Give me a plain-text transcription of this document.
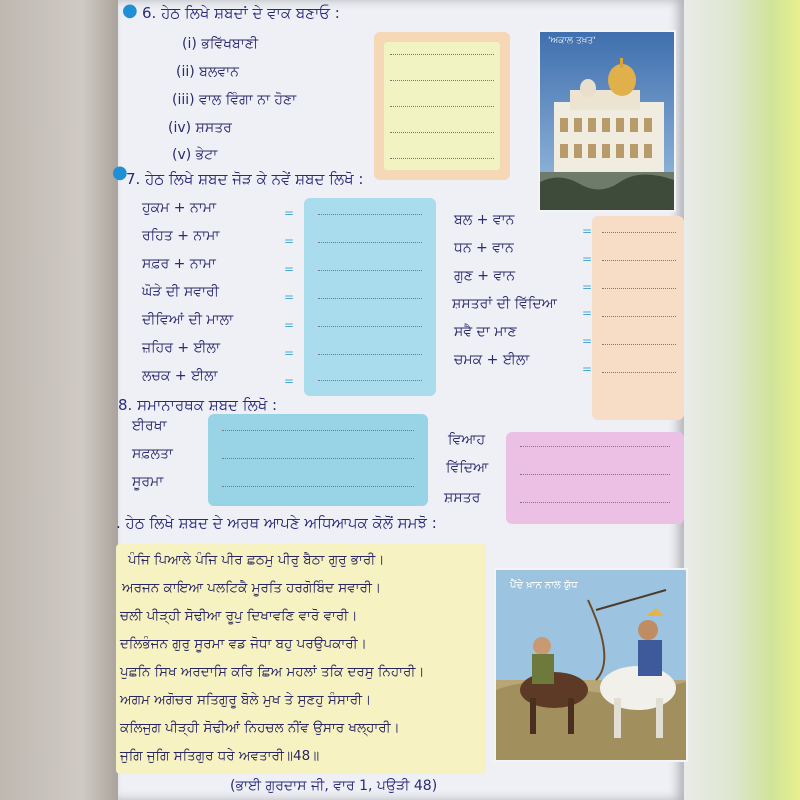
● 6. ਹੇਠ ਲਿਖੇ ਸ਼ਬਦਾਂ ਦੇ ਵਾਕ ਬਣਾਓ :
(i) ਭਵਿੱਖਬਾਣੀ
(ii) ਬਲਵਾਨ
(iii) ਵਾਲ ਵਿੰਗਾ ਨਾ ਹੋਣਾ
(iv) ਸ਼ਸਤਰ
(v) ਭੇਟਾ
'ਅਕਾਲ ਤਖ਼ਤ'
●
7. ਹੇਠ ਲਿਖੇ ਸ਼ਬਦ ਜੋੜ ਕੇ ਨਵੇਂ ਸ਼ਬਦ ਲਿਖੋ :
ਹੁਕਮ + ਨਾਮਾ
ਰਹਿਤ + ਨਾਮਾ
ਸਫ਼ਰ + ਨਾਮਾ
ਘੋੜੇ ਦੀ ਸਵਾਰੀ
ਦੀਵਿਆਂ ਦੀ ਮਾਲਾ
ਜ਼ਹਿਰ + ਈਲਾ
ਲਚਕ + ਈਲਾ
=
=
=
=
=
=
=
ਬਲ + ਵਾਨ
ਧਨ + ਵਾਨ
ਗੁਣ + ਵਾਨ
ਸ਼ਸਤਰਾਂ ਦੀ ਵਿੱਦਿਆ
ਸਵੈ ਦਾ ਮਾਣ
ਚਮਕ + ਈਲਾ
=
=
=
=
=
=
8. ਸਮਾਨਾਰਥਕ ਸ਼ਬਦ ਲਿਖੋ :
ਈਰਖਾ
ਸਫ਼ਲਤਾ
ਸੂਰਮਾ
ਵਿਆਹ
ਵਿੱਦਿਆ
ਸ਼ਸਤਰ
. ਹੇਠ ਲਿਖੇ ਸ਼ਬਦ ਦੇ ਅਰਥ ਆਪਣੇ ਅਧਿਆਪਕ ਕੋਲੋਂ ਸਮਝੋ :
ਪੰਜਿ ਪਿਆਲੇ ਪੰਜਿ ਪੀਰ ਛਠਮੁ ਪੀਰੁ ਬੈਠਾ ਗੁਰੁ ਭਾਰੀ।
ਅਰਜਨ ਕਾਇਆ ਪਲਟਿਕੈ ਮੂਰਤਿ ਹਰਗੋਬਿੰਦ ਸਵਾਰੀ।
ਚਲੀ ਪੀੜ੍ਹੀ ਸੋਢੀਆ ਰੂਪੁ ਦਿਖਾਵਣਿ ਵਾਰੋ ਵਾਰੀ।
ਦਲਿਭੰਜਨ ਗੁਰੁ ਸੂਰਮਾ ਵਡ ਜੋਧਾ ਬਹੁ ਪਰਉਪਕਾਰੀ।
ਪੁਛਨਿ ਸਿਖ ਅਰਦਾਸਿ ਕਰਿ ਛਿਅ ਮਹਲਾਂ ਤਕਿ ਦਰਸੁ ਨਿਹਾਰੀ।
ਅਗਮ ਅਗੋਚਰ ਸਤਿਗੁਰੂ ਬੋਲੇ ਮੁਖ ਤੇ ਸੁਣਹੁ ਸੰਸਾਰੀ।
ਕਲਿਜੁਗ ਪੀੜ੍ਹੀ ਸੋਢੀਆਂ ਨਿਹਚਲ ਨੀਂਵ ਉਸਾਰ ਖਲ੍ਹਾਰੀ।
ਜੁਗਿ ਜੁਗਿ ਸਤਿਗੁਰ ਧਰੇ ਅਵਤਾਰੀ॥48॥
ਪੈਂਦੇ ਖ਼ਾਨ ਨਾਲ ਯੁੱਧ
(ਭਾਈ ਗੁਰਦਾਸ ਜੀ, ਵਾਰ 1, ਪਉੜੀ 48)
